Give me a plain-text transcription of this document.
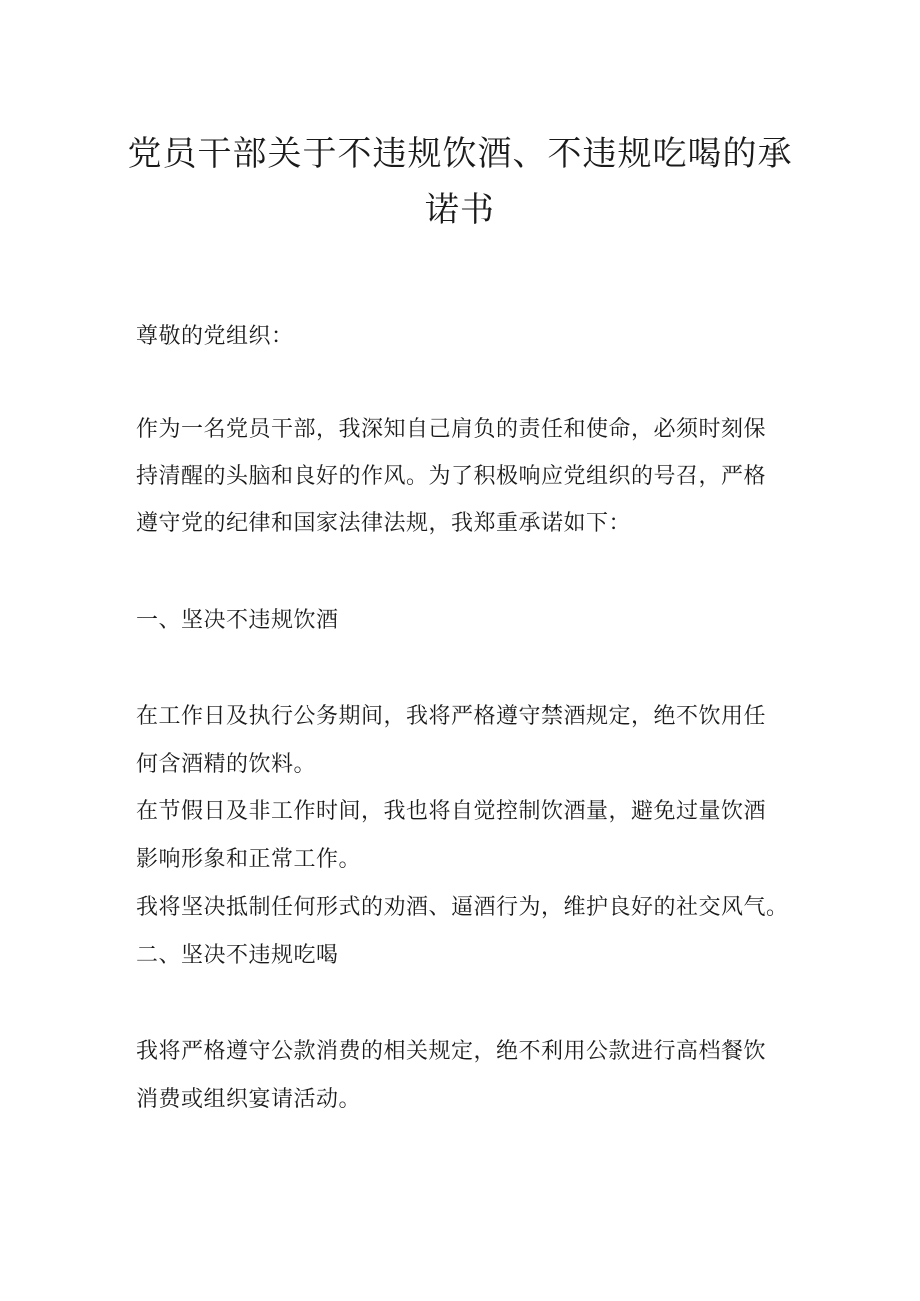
党员干部关于不违规饮酒、不违规吃喝的承
诺书
尊敬的党组织：
作为一名党员干部，我深知自己肩负的责任和使命，必须时刻保
持清醒的头脑和良好的作风。为了积极响应党组织的号召，严格
遵守党的纪律和国家法律法规，我郑重承诺如下：
一、坚决不违规饮酒
在工作日及执行公务期间，我将严格遵守禁酒规定，绝不饮用任
何含酒精的饮料。
在节假日及非工作时间，我也将自觉控制饮酒量，避免过量饮酒
影响形象和正常工作。
我将坚决抵制任何形式的劝酒、逼酒行为，维护良好的社交风气。
二、坚决不违规吃喝
我将严格遵守公款消费的相关规定，绝不利用公款进行高档餐饮
消费或组织宴请活动。
